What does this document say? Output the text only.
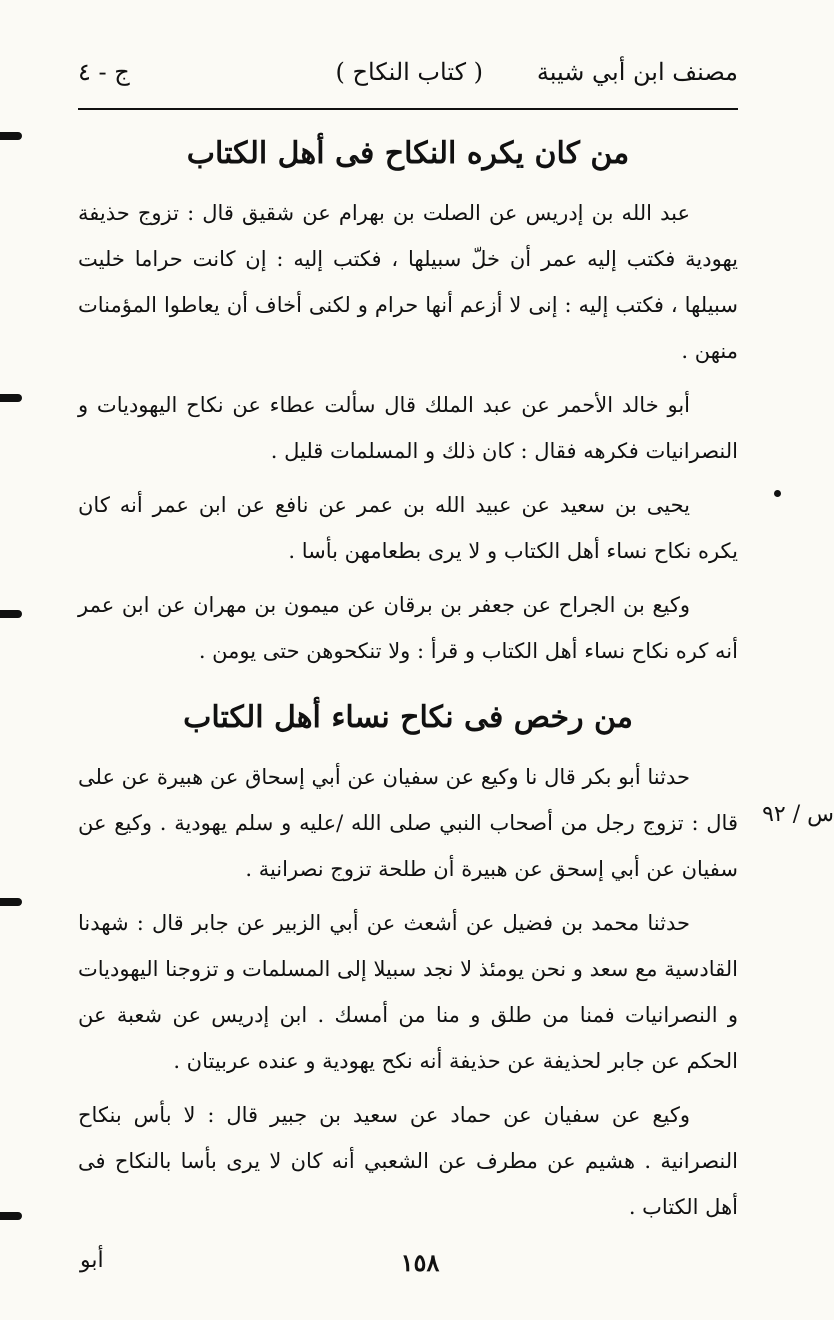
مصنف ابن أبي شيبة
( كتاب النكاح )
ج - ٤

من كان يكره النكاح فى أهل الكتاب

عبد الله بن إدريس عن الصلت بن بهرام عن شقيق قال : تزوج حذيفة يهودية فكتب إليه عمر أن خلّ سبيلها ، فكتب إليه : إن كانت حراما خليت سبيلها ، فكتب إليه : إنى لا أزعم أنها حرام و لكنى أخاف أن يعاطوا المؤمنات منهن .

أبو خالد الأحمر عن عبد الملك قال سألت عطاء عن نكاح اليهوديات و النصرانيات فكرهه فقال : كان ذلك و المسلمات قليل .

يحيى بن سعيد عن عبيد الله بن عمر عن نافع عن ابن عمر أنه كان يكره نكاح نساء أهل الكتاب و لا يرى بطعامهن بأسا .

وكيع بن الجراح عن جعفر بن برقان عن ميمون بن مهران عن ابن عمر أنه كره نكاح نساء أهل الكتاب و قرأ : ولا تنكحوهن حتى يومن .

من رخص فى نكاح نساء أهل الكتاب

حدثنا أبو بكر قال نا وكيع عن سفيان عن أبي إسحاق عن هبيرة عن على قال : تزوج رجل من أصحاب النبي صلى الله /عليه و سلم يهودية . وكيع عن سفيان عن أبي إسحق عن هبيرة أن طلحة تزوج نصرانية .

حدثنا محمد بن فضيل عن أشعث عن أبي الزبير عن جابر قال : شهدنا القادسية مع سعد و نحن يومئذ لا نجد سبيلا إلى المسلمات و تزوجنا اليهوديات و النصرانيات فمنا من طلق و منا من أمسك . ابن إدريس عن شعبة عن الحكم عن جابر لحذيفة عن حذيفة أنه نكح يهودية و عنده عربيتان .

وكيع عن سفيان عن حماد عن سعيد بن جبير قال : لا بأس بنكاح النصرانية . هشيم عن مطرف عن الشعبي أنه كان لا يرى بأسا بالنكاح فى أهل الكتاب .

س / ٩٢
١٥٨
أبو
